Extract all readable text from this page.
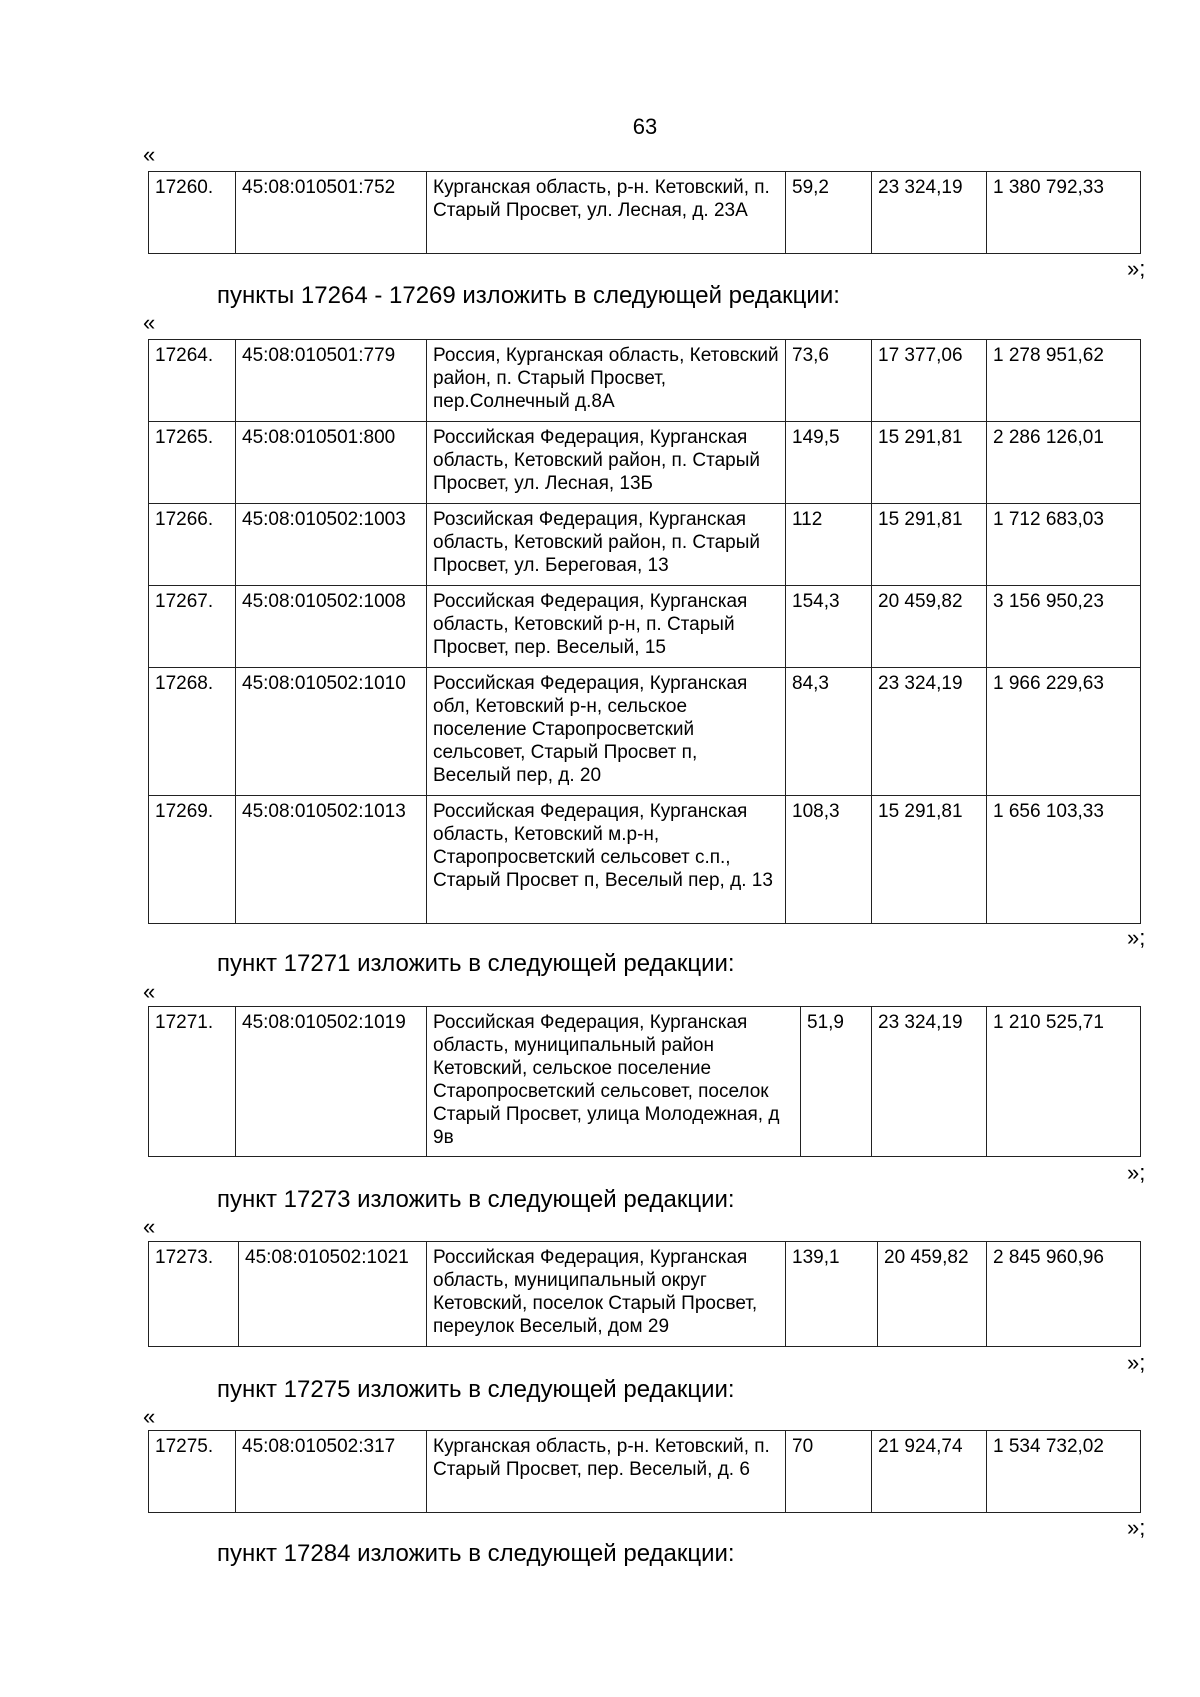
63
«
17260.	45:08:010501:752	Курганская область, р-н. Кетовский, п. Старый Просвет, ул. Лесная, д. 23А	59,2	23 324,19	1 380 792,33
»;
пункты 17264 - 17269 изложить в следующей редакции:
«
17264.	45:08:010501:779	Россия, Курганская область, Кетовский район, п. Старый Просвет, пер.Солнечный д.8А	73,6	17 377,06	1 278 951,62
17265.	45:08:010501:800	Российская Федерация, Курганская область, Кетовский район, п. Старый Просвет, ул. Лесная, 13Б	149,5	15 291,81	2 286 126,01
17266.	45:08:010502:1003	Розсийская Федерация, Курганская область, Кетовский район, п. Старый Просвет, ул. Береговая, 13	112	15 291,81	1 712 683,03
17267.	45:08:010502:1008	Российская Федерация, Курганская область, Кетовский р-н, п. Старый Просвет, пер. Веселый, 15	154,3	20 459,82	3 156 950,23
17268.	45:08:010502:1010	Российская Федерация, Курганская обл, Кетовский р-н, сельское поселение Старопросветский сельсовет, Старый Просвет п, Веселый пер, д. 20	84,3	23 324,19	1 966 229,63
17269.	45:08:010502:1013	Российская Федерация, Курганская область, Кетовский м.р-н, Старопросветский сельсовет с.п., Старый Просвет п, Веселый пер, д. 13	108,3	15 291,81	1 656 103,33
»;
пункт 17271 изложить в следующей редакции:
«
17271.	45:08:010502:1019	Российская Федерация, Курганская область, муниципальный район Кетовский, сельское поселение Старопросветский сельсовет, поселок Старый Просвет, улица Молодежная, д 9в	51,9	23 324,19	1 210 525,71
»;
пункт 17273 изложить в следующей редакции:
«
17273.	45:08:010502:1021	Российская Федерация, Курганская область, муниципальный округ Кетовский, поселок Старый Просвет, переулок Веселый, дом 29	139,1	20 459,82	2 845 960,96
»;
пункт 17275 изложить в следующей редакции:
«
17275.	45:08:010502:317	Курганская область, р-н. Кетовский, п. Старый Просвет, пер. Веселый, д. 6	70	21 924,74	1 534 732,02
»;
пункт 17284 изложить в следующей редакции:
